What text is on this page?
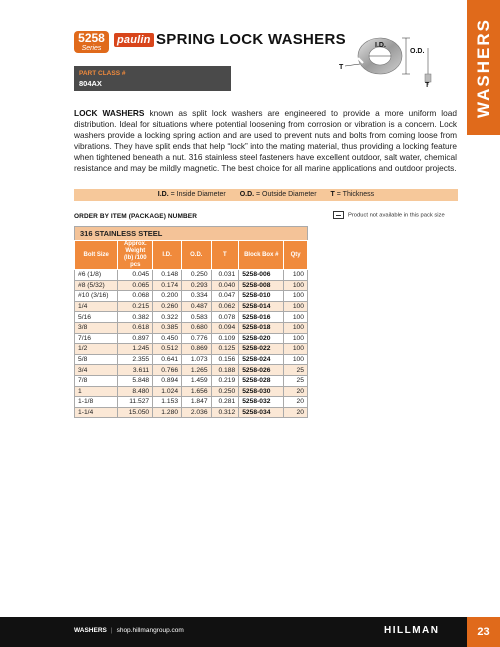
5258
Series
paulin SPRING LOCK WASHERS	WASHERS
I.D.
O.D.
T
T
PART CLASS #
804AX
LOCK WASHERS known as split lock washers are engineered to provide a more uniform load distribution. Ideal for situations where potential loosening from corrosion or vibration is a concern. Lock washers provide a locking spring action and are used to prevent nuts and bolts from coming loose from vibrations. They have split ends that help “lock” into the mating material, thus providing a locking feature when tightened beneath a nut. 316 stainless steel fasteners have excellent outdoor, salt water, chemical resistance and may be mildly magnetic. The best choice for all marine applications and outdoor projects.
I.D. = Inside Diameter O.D. = Outside Diameter T = Thickness
ORDER BY ITEM (PACKAGE) NUMBER	Product not available in this pack size
316 STAINLESS STEEL
Bolt Size	Approx. Weight (lb) /100 pcs	I.D.	O.D.	T	Block Box #	Qty
#6 (1/8)	0.045	0.148	0.250	0.031	5258-006	100
#8 (5/32)	0.065	0.174	0.293	0.040	5258-008	100
#10 (3/16)	0.068	0.200	0.334	0.047	5258-010	100
1/4	0.215	0.260	0.487	0.062	5258-014	100
5/16	0.382	0.322	0.583	0.078	5258-016	100
3/8	0.618	0.385	0.680	0.094	5258-018	100
7/16	0.897	0.450	0.776	0.109	5258-020	100
1/2	1.245	0.512	0.869	0.125	5258-022	100
5/8	2.355	0.641	1.073	0.156	5258-024	100
3/4	3.611	0.766	1.265	0.188	5258-026	25
7/8	5.848	0.894	1.459	0.219	5258-028	25
1	8.480	1.024	1.656	0.250	5258-030	20
1-1/8	11.527	1.153	1.847	0.281	5258-032	20
1-1/4	15.050	1.280	2.036	0.312	5258-034	20
WASHERS | shop.hillmangroup.com	HILLMAN	23
